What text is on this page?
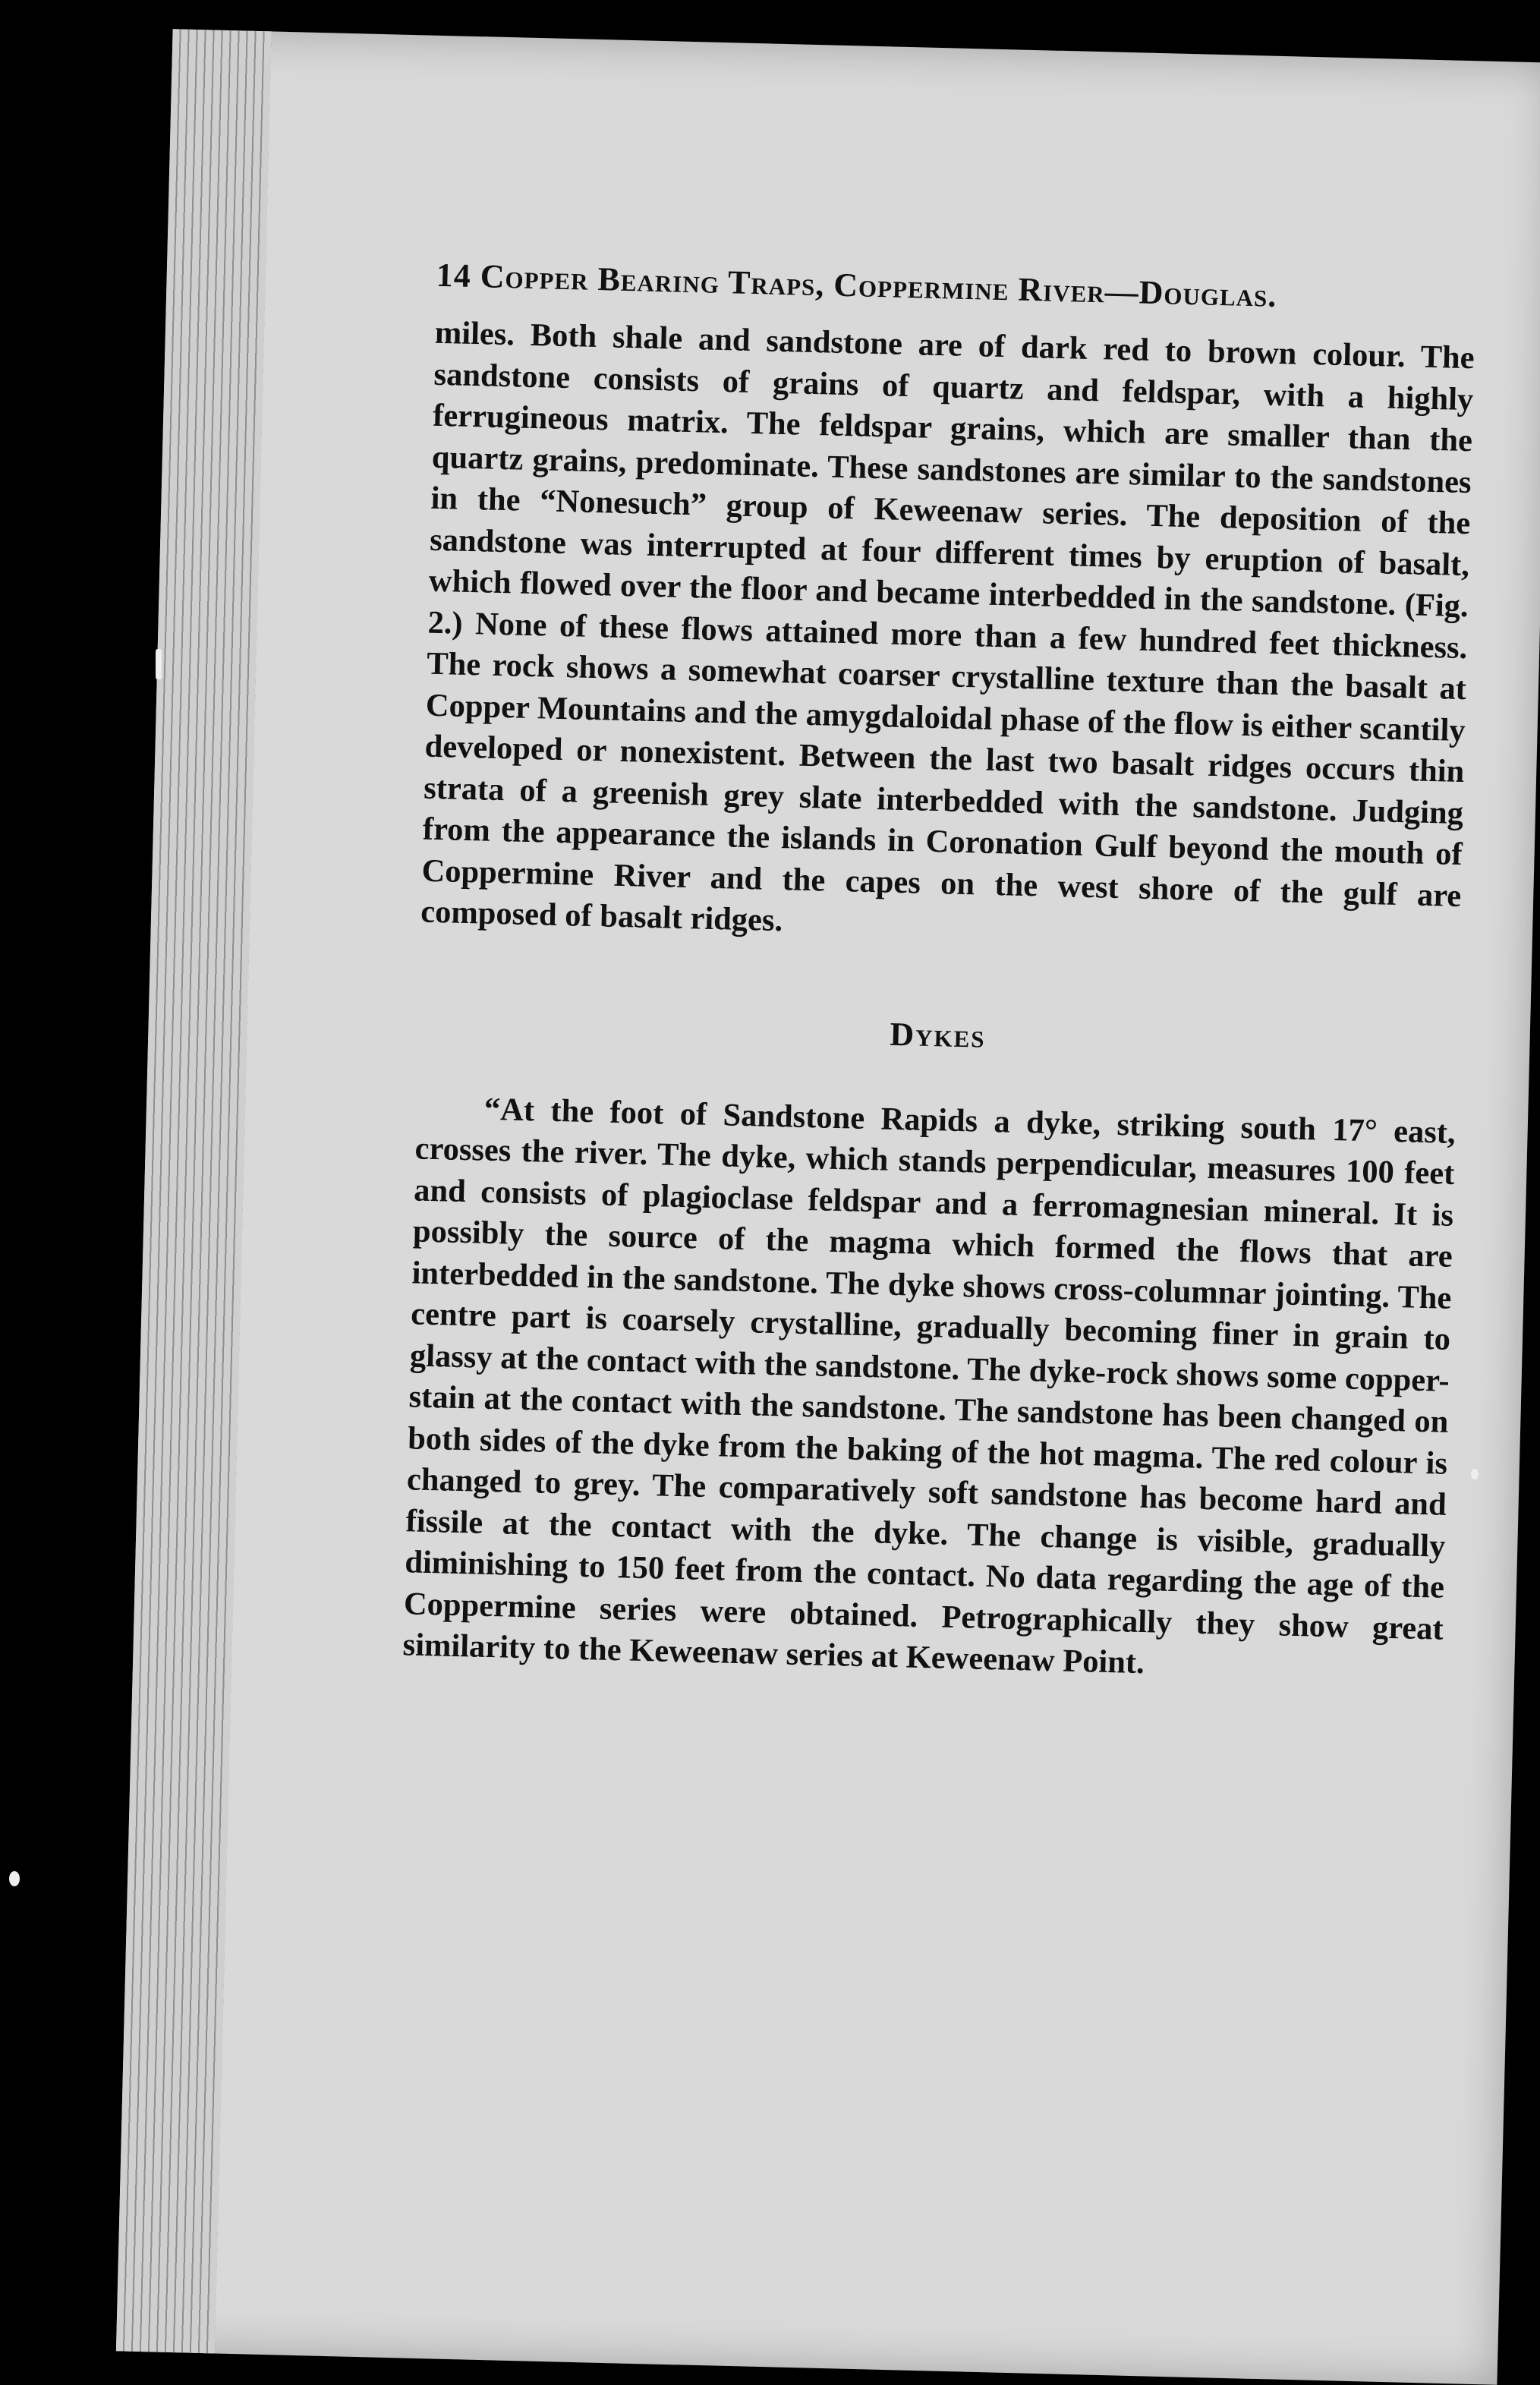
14 Copper Bearing Traps, Coppermine River—Douglas.

miles. Both shale and sandstone are of dark red to brown colour. The sandstone consists of grains of quartz and feldspar, with a highly ferrugineous matrix. The feldspar grains, which are smaller than the quartz grains, predominate. These sandstones are similar to the sandstones in the “Nonesuch” group of Keweenaw series. The deposition of the sandstone was interrupted at four different times by eruption of basalt, which flowed over the floor and became interbedded in the sandstone. (Fig. 2.) None of these flows attained more than a few hundred feet thickness. The rock shows a somewhat coarser crystalline texture than the basalt at Copper Mountains and the amygdaloidal phase of the flow is either scantily developed or nonexistent. Between the last two basalt ridges occurs thin strata of a greenish grey slate interbedded with the sandstone. Judging from the appearance the islands in Coronation Gulf beyond the mouth of Coppermine River and the capes on the west shore of the gulf are composed of basalt ridges.

Dykes

“At the foot of Sandstone Rapids a dyke, striking south 17° east, crosses the river. The dyke, which stands perpendicular, measures 100 feet and consists of plagioclase feldspar and a ferromagnesian mineral. It is possibly the source of the magma which formed the flows that are interbedded in the sandstone. The dyke shows cross-columnar jointing. The centre part is coarsely crystalline, gradually becoming finer in grain to glassy at the contact with the sandstone. The dyke-rock shows some copper-stain at the contact with the sandstone. The sandstone has been changed on both sides of the dyke from the baking of the hot magma. The red colour is changed to grey. The comparatively soft sandstone has become hard and fissile at the contact with the dyke. The change is visible, gradually diminishing to 150 feet from the contact. No data regarding the age of the Coppermine series were obtained. Petrographically they show great similarity to the Keweenaw series at Keweenaw Point.
